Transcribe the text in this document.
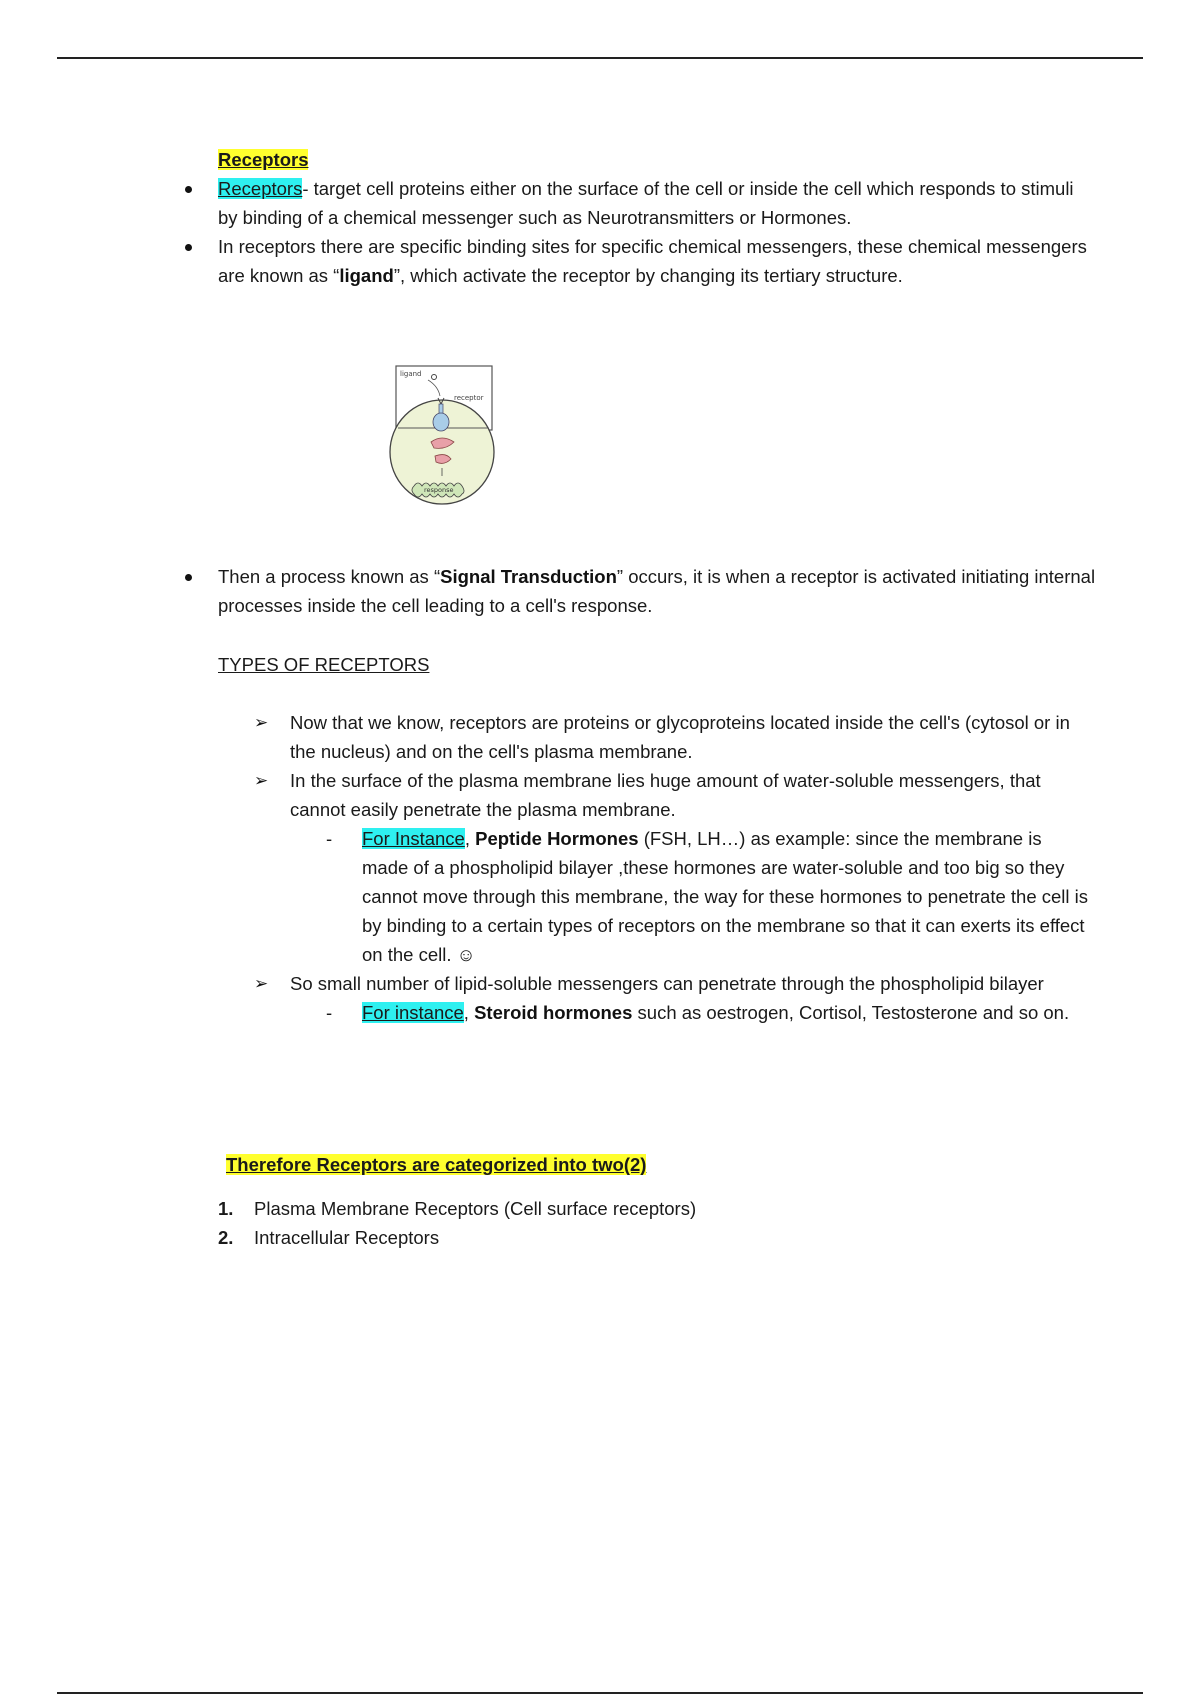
Receptors
Receptors- target cell proteins either on the surface of the cell or inside the cell which responds to stimuli by binding of a chemical messenger such as Neurotransmitters or Hormones.
In receptors there are specific binding sites for specific chemical messengers, these chemical messengers are known as “ligand”, which activate the receptor by changing its tertiary structure.
ligand
receptor
response
Then a process known as “Signal Transduction” occurs, it is when a receptor is activated initiating internal processes inside the cell leading to a cell's response.
TYPES OF RECEPTORS
➢ Now that we know, receptors are proteins or glycoproteins located inside the cell's (cytosol or in the nucleus) and on the cell's plasma membrane.
➢ In the surface of the plasma membrane lies huge amount of water-soluble messengers, that cannot easily penetrate the plasma membrane.
- For Instance, Peptide Hormones (FSH, LH…) as example: since the membrane is made of a phospholipid bilayer ,these hormones are water-soluble and too big so they cannot move through this membrane, the way for these hormones to penetrate the cell is by binding to a certain types of receptors on the membrane so that it can exerts its effect on the cell. ☺
➢ So small number of lipid-soluble messengers can penetrate through the phospholipid bilayer
- For instance, Steroid hormones such as oestrogen, Cortisol, Testosterone and so on.
Therefore Receptors are categorized into two(2)
1. Plasma Membrane Receptors (Cell surface receptors)
2. Intracellular Receptors
